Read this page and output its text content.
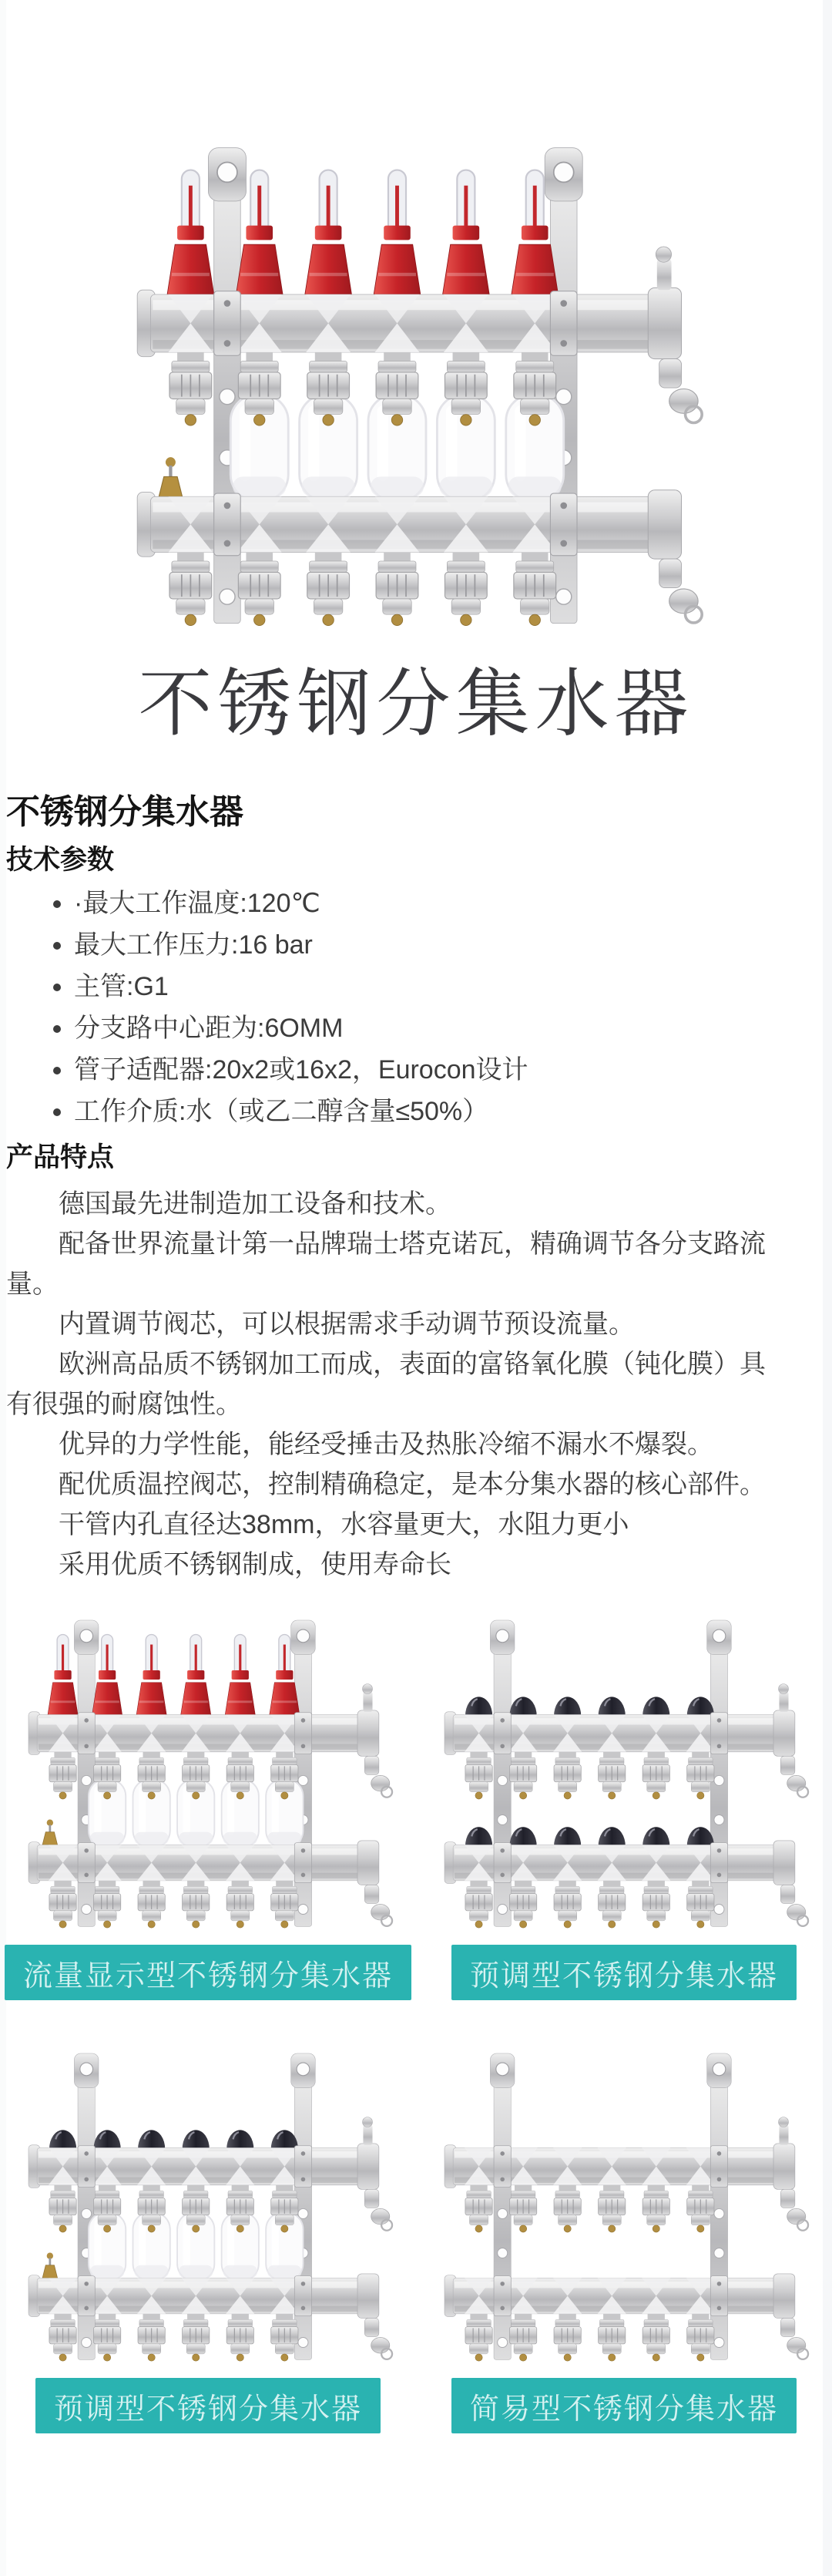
不锈钢分集水器
不锈钢分集水器
技术参数
• ·最大工作温度:120℃
• 最大工作压力:16 bar
• 主管:G1
• 分支路中心距为:6OMM
• 管子适配器:20x2或16x2，Eurocon设计
• 工作介质:水（或乙二醇含量≤50%）
产品特点

德国最先进制造加工设备和技术。

配备世界流量计第一品牌瑞士塔克诺瓦，精确调节各分支路流量。

内置调节阀芯，可以根据需求手动调节预设流量。

欧洲高品质不锈钢加工而成，表面的富铬氧化膜（钝化膜）具有很强的耐腐蚀性。

优异的力学性能，能经受捶击及热胀冷缩不漏水不爆裂。

配优质温控阀芯，控制精确稳定，是本分集水器的核心部件。

干管内孔直径达38mm，水容量更大，水阻力更小

采用优质不锈钢制成，使用寿命长

流量显示型不锈钢分集水器	预调型不锈钢分集水器
预调型不锈钢分集水器	简易型不锈钢分集水器
